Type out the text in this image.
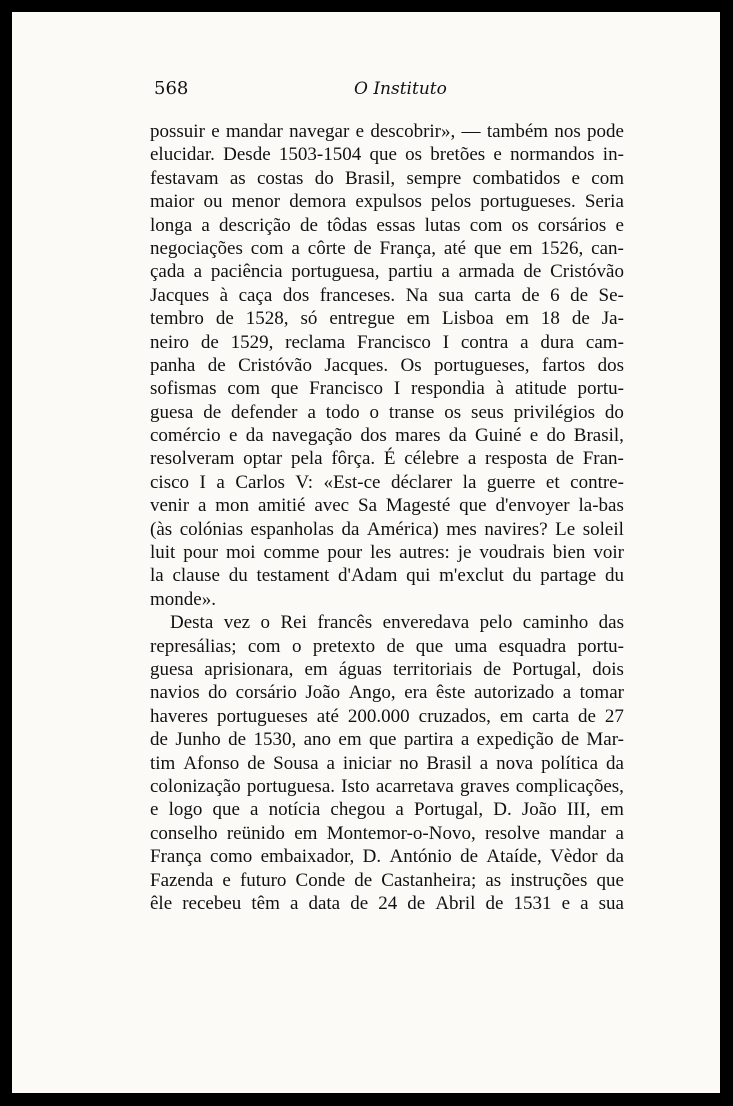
568	O Instituto
possuir e mandar navegar e descobrir», — também nos pode
elucidar. Desde 1503-1504 que os bretões e normandos in-
festavam as costas do Brasil, sempre combatidos e com
maior ou menor demora expulsos pelos portugueses. Seria
longa a descrição de tôdas essas lutas com os corsários e
negociações com a côrte de França, até que em 1526, can-
çada a paciência portuguesa, partiu a armada de Cristóvão
Jacques à caça dos franceses. Na sua carta de 6 de Se-
tembro de 1528, só entregue em Lisboa em 18 de Ja-
neiro de 1529, reclama Francisco I contra a dura cam-
panha de Cristóvão Jacques. Os portugueses, fartos dos
sofismas com que Francisco I respondia à atitude portu-
guesa de defender a todo o transe os seus privilégios do
comércio e da navegação dos mares da Guiné e do Brasil,
resolveram optar pela fôrça. É célebre a resposta de Fran-
cisco I a Carlos V: «Est-ce déclarer la guerre et contre-
venir a mon amitié avec Sa Magesté que d'envoyer la-bas
(às colónias espanholas da América) mes navires? Le soleil
luit pour moi comme pour les autres: je voudrais bien voir
la clause du testament d'Adam qui m'exclut du partage du
monde».
Desta vez o Rei francês enveredava pelo caminho das
represálias; com o pretexto de que uma esquadra portu-
guesa aprisionara, em águas territoriais de Portugal, dois
navios do corsário João Ango, era êste autorizado a tomar
haveres portugueses até 200.000 cruzados, em carta de 27
de Junho de 1530, ano em que partira a expedição de Mar-
tim Afonso de Sousa a iniciar no Brasil a nova política da
colonização portuguesa. Isto acarretava graves complicações,
e logo que a notícia chegou a Portugal, D. João III, em
conselho reünido em Montemor-o-Novo, resolve mandar a
França como embaixador, D. António de Ataíde, Vèdor da
Fazenda e futuro Conde de Castanheira; as instruções que
êle recebeu têm a data de 24 de Abril de 1531 e a sua
